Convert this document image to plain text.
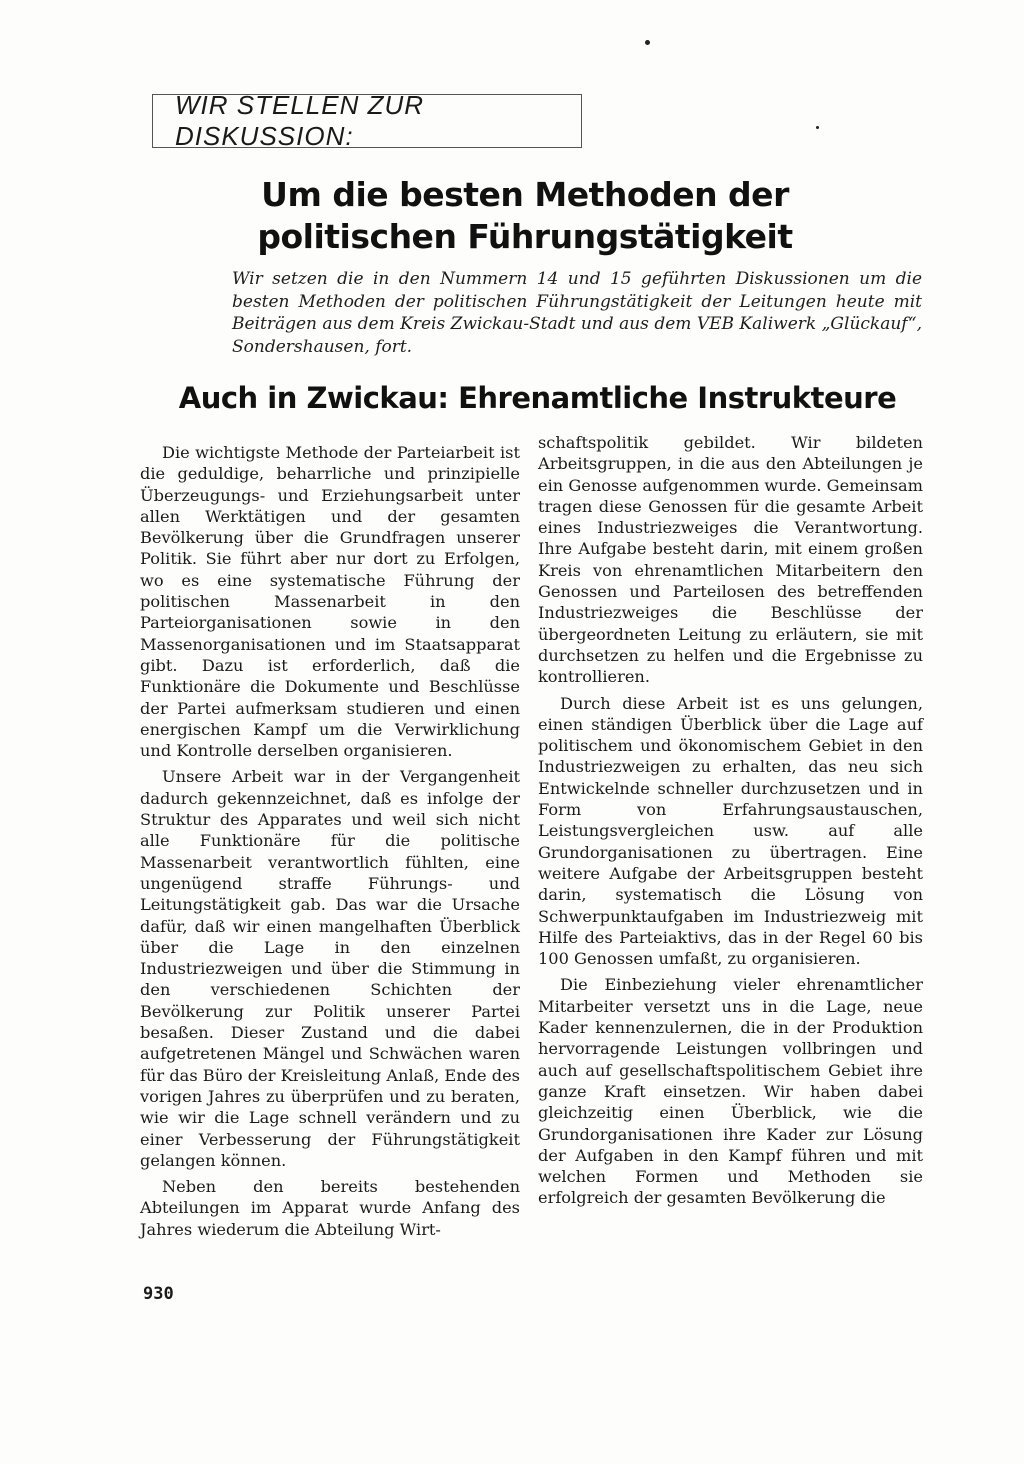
WIR STELLEN ZUR DISKUSSION:
Um die besten Methoden der politischen Führungstätigkeit
Wir setzen die in den Nummern 14 und 15 geführten Diskussionen um die besten Methoden der politischen Führungstätigkeit der Leitungen heute mit Beiträgen aus dem Kreis Zwickau-Stadt und aus dem VEB Kaliwerk „Glückauf“, Sondershausen, fort.
Auch in Zwickau: Ehrenamtliche Instrukteure

Die wichtigste Methode der Parteiarbeit ist die geduldige, beharrliche und prinzipielle Überzeugungs- und Erziehungsarbeit unter allen Werktätigen und der gesamten Bevölkerung über die Grundfragen unserer Politik. Sie führt aber nur dort zu Erfolgen, wo es eine systematische Führung der politischen Massenarbeit in den Parteiorganisationen sowie in den Massenorganisationen und im Staatsapparat gibt. Dazu ist erforderlich, daß die Funktionäre die Dokumente und Beschlüsse der Partei aufmerksam studieren und einen energischen Kampf um die Verwirklichung und Kontrolle derselben organisieren.

Unsere Arbeit war in der Vergangenheit dadurch gekennzeichnet, daß es infolge der Struktur des Apparates und weil sich nicht alle Funktionäre für die politische Massenarbeit verantwortlich fühlten, eine ungenügend straffe Führungs- und Leitungstätigkeit gab. Das war die Ursache dafür, daß wir einen mangelhaften Überblick über die Lage in den einzelnen Industriezweigen und über die Stimmung in den verschiedenen Schichten der Bevölkerung zur Politik unserer Partei besaßen. Dieser Zustand und die dabei aufgetretenen Mängel und Schwächen waren für das Büro der Kreisleitung Anlaß, Ende des vorigen Jahres zu überprüfen und zu beraten, wie wir die Lage schnell verändern und zu einer Verbesserung der Führungstätigkeit gelangen können.

Neben den bereits bestehenden Abteilungen im Apparat wurde Anfang des Jahres wiederum die Abteilung Wirt-

schaftspolitik gebildet. Wir bildeten Arbeitsgruppen, in die aus den Abteilungen je ein Genosse aufgenommen wurde. Gemeinsam tragen diese Genossen für die gesamte Arbeit eines Industriezweiges die Verantwortung. Ihre Aufgabe besteht darin, mit einem großen Kreis von ehrenamtlichen Mitarbeitern den Genossen und Parteilosen des betreffenden Industriezweiges die Beschlüsse der übergeordneten Leitung zu erläutern, sie mit durchsetzen zu helfen und die Ergebnisse zu kontrollieren.

Durch diese Arbeit ist es uns gelungen, einen ständigen Überblick über die Lage auf politischem und ökonomischem Gebiet in den Industriezweigen zu erhalten, das neu sich Entwickelnde schneller durchzusetzen und in Form von Erfahrungsaustauschen, Leistungsvergleichen usw. auf alle Grundorganisationen zu übertragen. Eine weitere Aufgabe der Arbeitsgruppen besteht darin, systematisch die Lösung von Schwerpunktaufgaben im Industriezweig mit Hilfe des Parteiaktivs, das in der Regel 60 bis 100 Genossen umfaßt, zu organisieren.

Die Einbeziehung vieler ehrenamtlicher Mitarbeiter versetzt uns in die Lage, neue Kader kennenzulernen, die in der Produktion hervorragende Leistungen vollbringen und auch auf gesellschaftspolitischem Gebiet ihre ganze Kraft einsetzen. Wir haben dabei gleichzeitig einen Überblick, wie die Grundorganisationen ihre Kader zur Lösung der Aufgaben in den Kampf führen und mit welchen Formen und Methoden sie erfolgreich der gesamten Bevölkerung die

930
